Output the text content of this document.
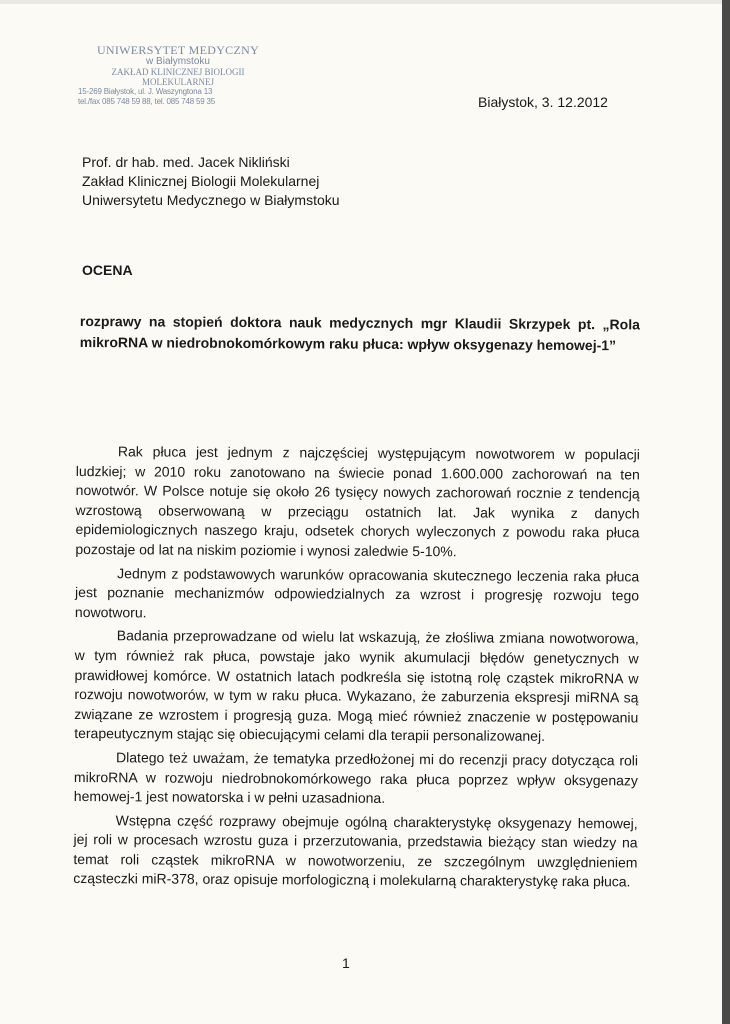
UNIWERSYTET MEDYCZNY
w Białymstoku
ZAKŁAD KLINICZNEJ BIOLOGII
MOLEKULARNEJ
15-269 Białystok, ul. J. Waszyngtona 13
tel./fax 085 748 59 88, tel. 085 748 59 35	Białystok, 3. 12.2012
Prof. dr hab. med. Jacek Nikliński
Zakład Klinicznej Biologii Molekularnej
Uniwersytetu Medycznego w Białymstoku
OCENA
rozprawy na stopień doktora nauk medycznych mgr Klaudii Skrzypek pt. „Rola mikroRNA w niedrobnokomórkowym raku płuca: wpływ oksygenazy hemowej-1”

Rak płuca jest jednym z najczęściej występującym nowotworem w populacji ludzkiej; w 2010 roku zanotowano na świecie ponad 1.600.000 zachorowań na ten nowotwór. W Polsce notuje się około 26 tysięcy nowych zachorowań rocznie z tendencją wzrostową obserwowaną w przeciągu ostatnich lat. Jak wynika z danych epidemiologicznych naszego kraju, odsetek chorych wyleczonych z powodu raka płuca pozostaje od lat na niskim poziomie i wynosi zaledwie 5-10%.

Jednym z podstawowych warunków opracowania skutecznego leczenia raka płuca jest poznanie mechanizmów odpowiedzialnych za wzrost i progresję rozwoju tego nowotworu.

Badania przeprowadzane od wielu lat wskazują, że złośliwa zmiana nowotworowa, w tym również rak płuca, powstaje jako wynik akumulacji błędów genetycznych w prawidłowej komórce. W ostatnich latach podkreśla się istotną rolę cząstek mikroRNA w rozwoju nowotworów, w tym w raku płuca. Wykazano, że zaburzenia ekspresji miRNA są związane ze wzrostem i progresją guza. Mogą mieć również znaczenie w postępowaniu terapeutycznym stając się obiecującymi celami dla terapii personalizowanej.

Dlatego też uważam, że tematyka przedłożonej mi do recenzji pracy dotycząca roli mikroRNA w rozwoju niedrobnokomórkowego raka płuca poprzez wpływ oksygenazy hemowej-1 jest nowatorska i w pełni uzasadniona.

Wstępna część rozprawy obejmuje ogólną charakterystykę oksygenazy hemowej, jej roli w procesach wzrostu guza i przerzutowania, przedstawia bieżący stan wiedzy na temat roli cząstek mikroRNA w nowotworzeniu, ze szczególnym uwzględnieniem cząsteczki miR-378, oraz opisuje morfologiczną i molekularną charakterystykę raka płuca.

1
